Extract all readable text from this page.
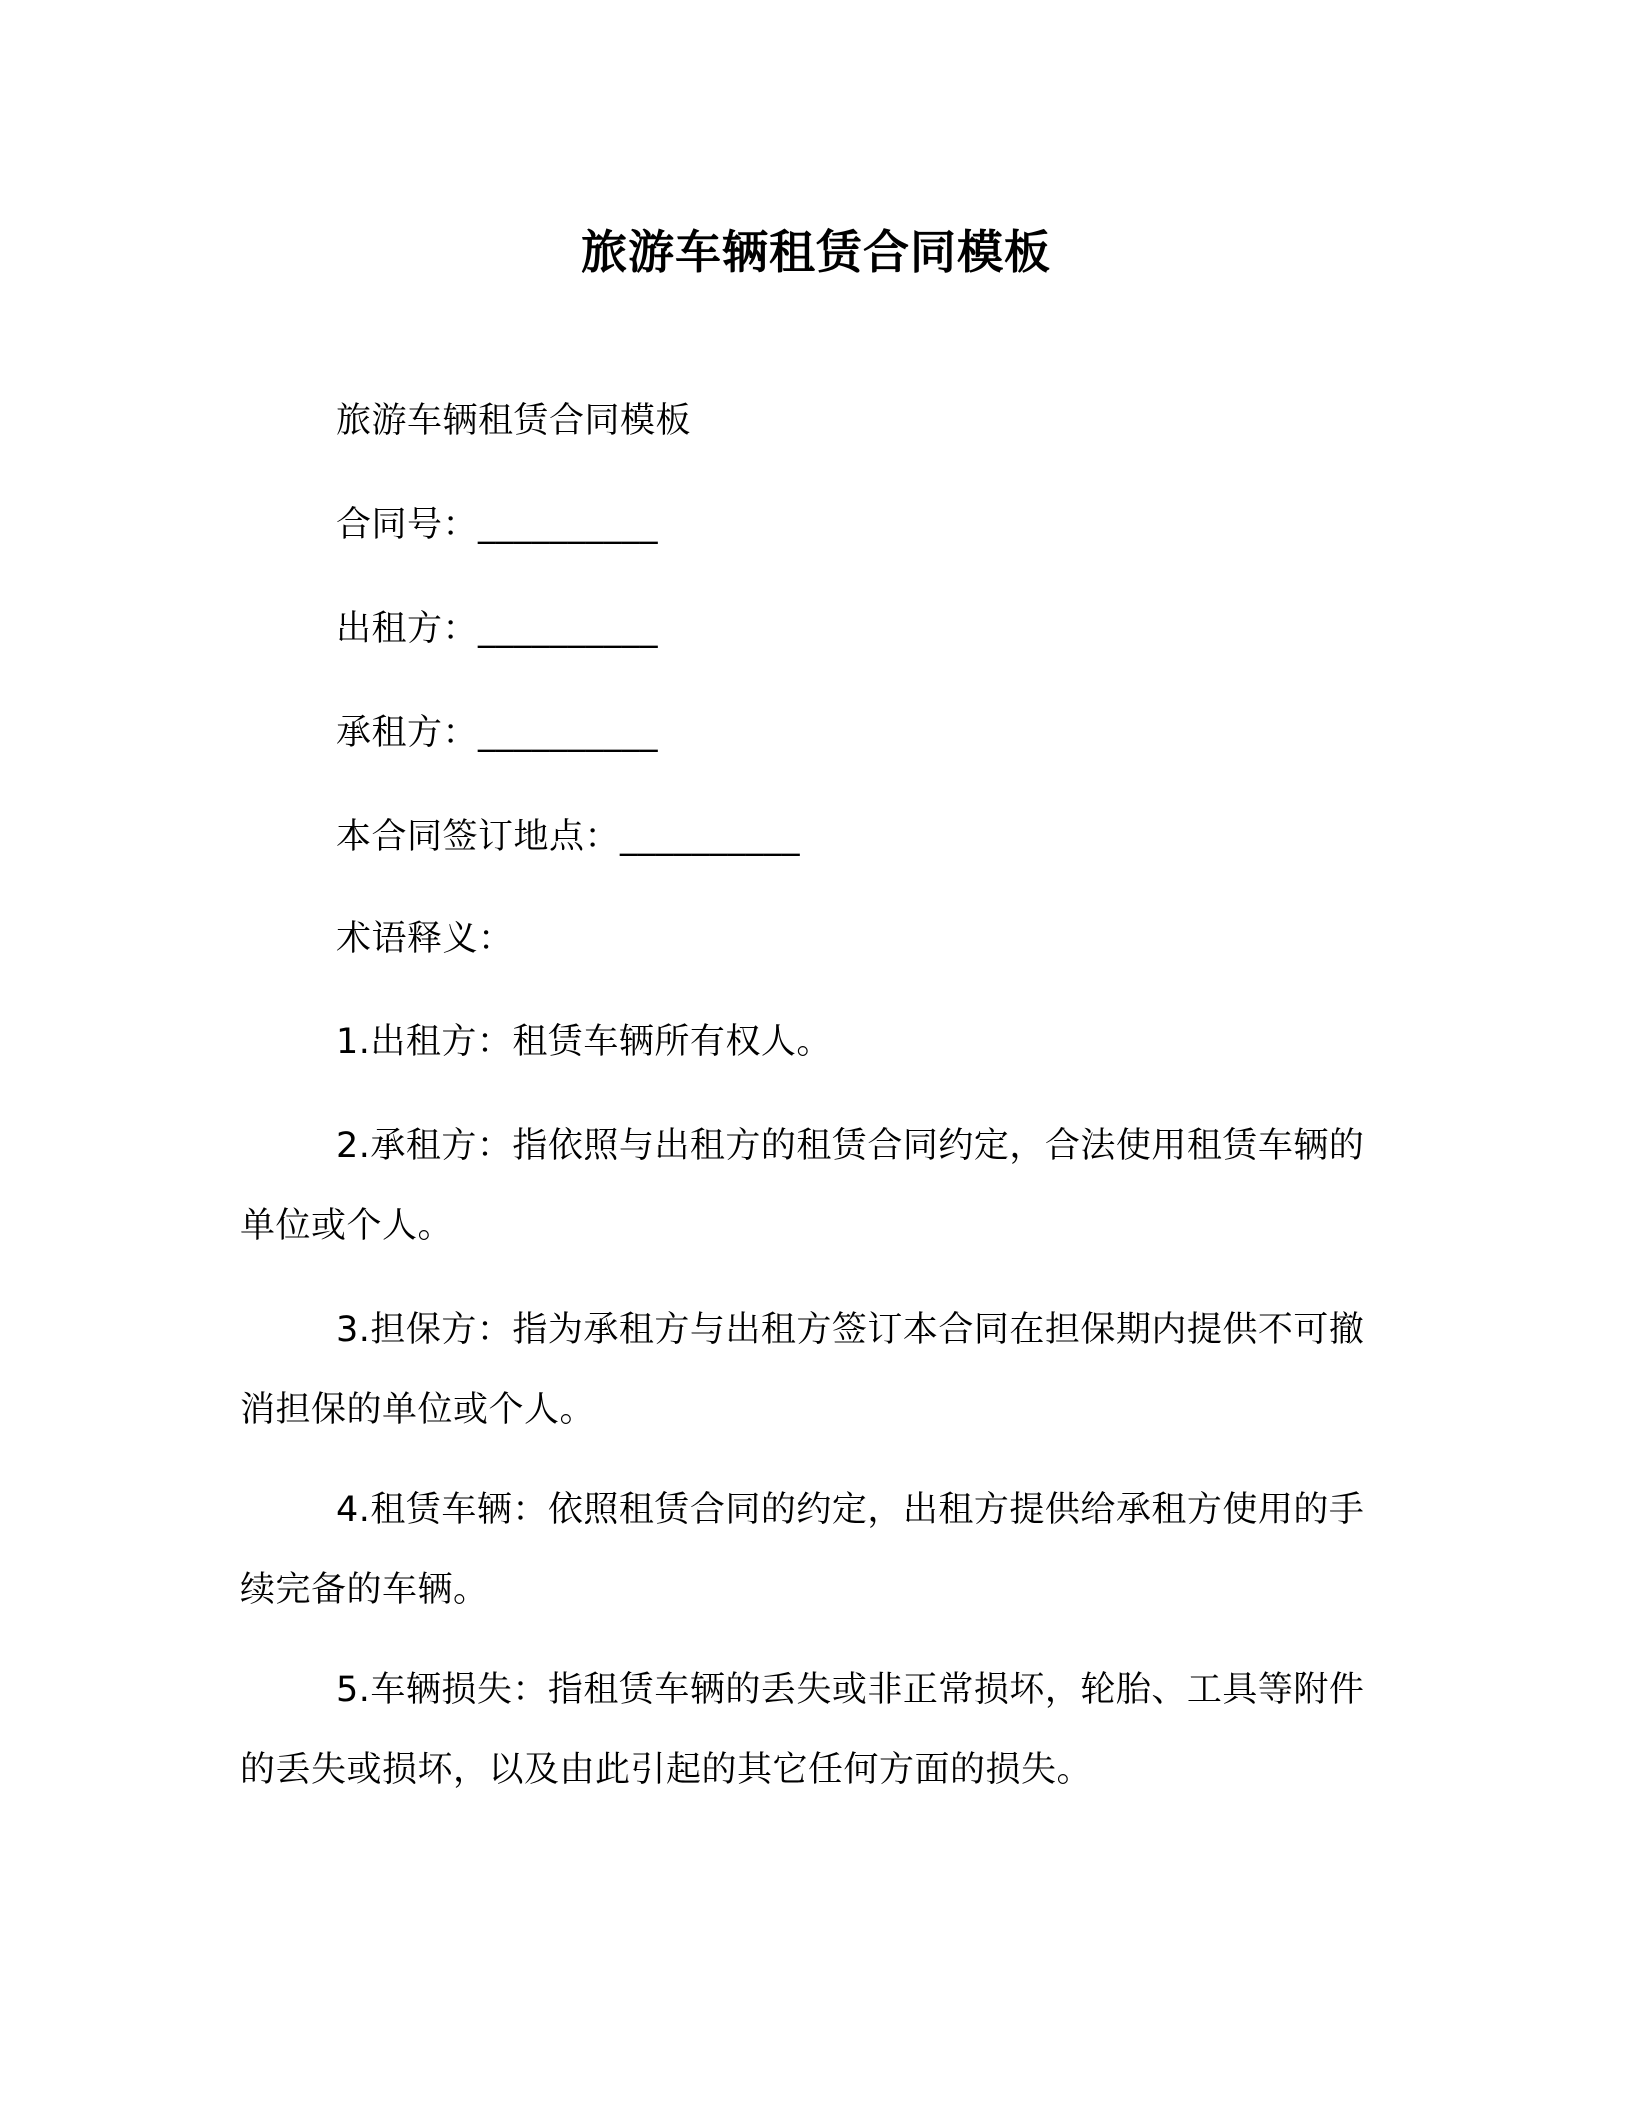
旅游车辆租赁合同模板
旅游车辆租赁合同模板
合同号：__________
出租方：__________
承租方：__________
本合同签订地点：__________
术语释义：
1.出租方：租赁车辆所有权人。
2.承租方：指依照与出租方的租赁合同约定，合法使用租赁车辆的单位或个人。
3.担保方：指为承租方与出租方签订本合同在担保期内提供不可撤消担保的单位或个人。
4.租赁车辆：依照租赁合同的约定，出租方提供给承租方使用的手续完备的车辆。
5.车辆损失：指租赁车辆的丢失或非正常损坏，轮胎、工具等附件的丢失或损坏，以及由此引起的其它任何方面的损失。
